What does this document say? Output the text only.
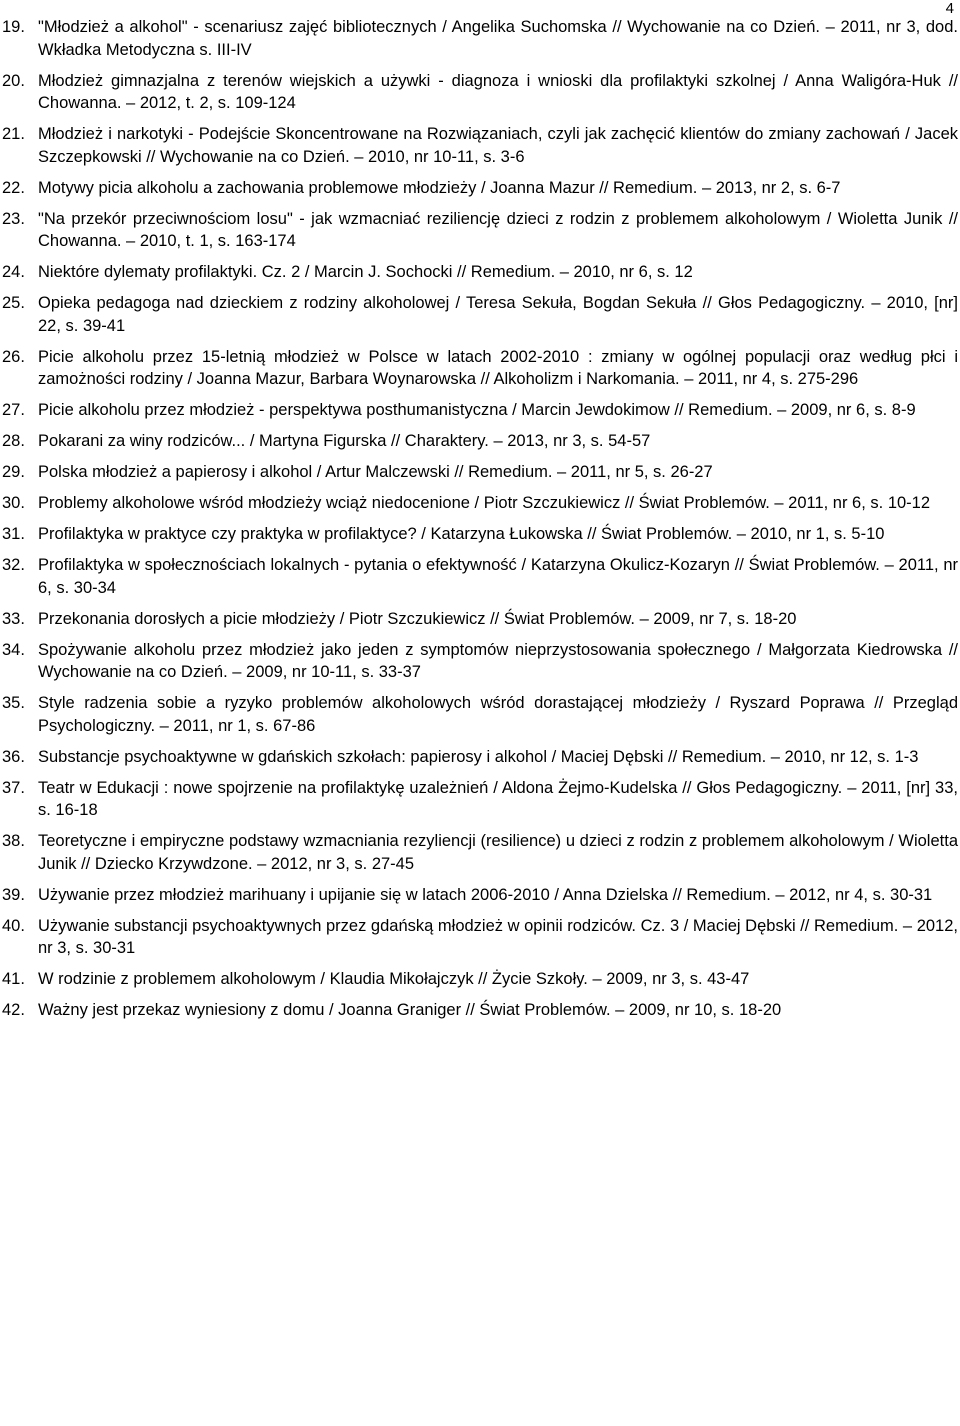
4
19. "Młodzież a alkohol" - scenariusz zajęć bibliotecznych / Angelika Suchomska // Wychowanie na co Dzień. – 2011, nr 3, dod. Wkładka Metodyczna s. III-IV
20. Młodzież gimnazjalna z terenów wiejskich a używki - diagnoza i wnioski dla profilaktyki szkolnej / Anna Waligóra-Huk // Chowanna. – 2012, t. 2, s. 109-124
21. Młodzież i narkotyki - Podejście Skoncentrowane na Rozwiązaniach, czyli jak zachęcić klientów do zmiany zachowań / Jacek Szczepkowski // Wychowanie na co Dzień. – 2010, nr 10-11, s. 3-6
22. Motywy picia alkoholu a zachowania problemowe młodzieży / Joanna Mazur // Remedium. – 2013, nr 2, s. 6-7
23. "Na przekór przeciwnościom losu" - jak wzmacniać reziliencję dzieci z rodzin z problemem alkoholowym / Wioletta Junik // Chowanna. – 2010, t. 1, s. 163-174
24. Niektóre dylematy profilaktyki. Cz. 2 / Marcin J. Sochocki // Remedium. – 2010, nr 6, s. 12
25. Opieka pedagoga nad dzieckiem z rodziny alkoholowej / Teresa Sekuła, Bogdan Sekuła // Głos Pedagogiczny. – 2010, [nr] 22, s. 39-41
26. Picie alkoholu przez 15-letnią młodzież w Polsce w latach 2002-2010 : zmiany w ogólnej populacji oraz według płci i zamożności rodziny / Joanna Mazur, Barbara Woynarowska // Alkoholizm i Narkomania. – 2011, nr 4, s. 275-296
27. Picie alkoholu przez młodzież - perspektywa posthumanistyczna / Marcin Jewdokimow // Remedium. – 2009, nr 6, s. 8-9
28. Pokarani za winy rodziców... / Martyna Figurska // Charaktery. – 2013, nr 3, s. 54-57
29. Polska młodzież a papierosy i alkohol / Artur Malczewski // Remedium. – 2011, nr 5, s. 26-27
30. Problemy alkoholowe wśród młodzieży wciąż niedocenione / Piotr Szczukiewicz // Świat Problemów. – 2011, nr 6, s. 10-12
31. Profilaktyka w praktyce czy praktyka w profilaktyce? / Katarzyna Łukowska // Świat Problemów. – 2010, nr 1, s. 5-10
32. Profilaktyka w społecznościach lokalnych - pytania o efektywność / Katarzyna Okulicz-Kozaryn // Świat Problemów. – 2011, nr 6, s. 30-34
33. Przekonania dorosłych a picie młodzieży / Piotr Szczukiewicz // Świat Problemów. – 2009, nr 7, s. 18-20
34. Spożywanie alkoholu przez młodzież jako jeden z symptomów nieprzystosowania społecznego / Małgorzata Kiedrowska // Wychowanie na co Dzień. – 2009, nr 10-11, s. 33-37
35. Style radzenia sobie a ryzyko problemów alkoholowych wśród dorastającej młodzieży / Ryszard Poprawa // Przegląd Psychologiczny. – 2011, nr 1, s. 67-86
36. Substancje psychoaktywne w gdańskich szkołach: papierosy i alkohol / Maciej Dębski // Remedium. – 2010, nr 12, s. 1-3
37. Teatr w Edukacji : nowe spojrzenie na profilaktykę uzależnień / Aldona Żejmo-Kudelska // Głos Pedagogiczny. – 2011, [nr] 33, s. 16-18
38. Teoretyczne i empiryczne podstawy wzmacniania rezyliencji (resilience) u dzieci z rodzin z problemem alkoholowym / Wioletta Junik // Dziecko Krzywdzone. – 2012, nr 3, s. 27-45
39. Używanie przez młodzież marihuany i upijanie się w latach 2006-2010 / Anna Dzielska // Remedium. – 2012, nr 4, s. 30-31
40. Używanie substancji psychoaktywnych przez gdańską młodzież w opinii rodziców. Cz. 3 / Maciej Dębski // Remedium. – 2012, nr 3, s. 30-31
41. W rodzinie z problemem alkoholowym / Klaudia Mikołajczyk // Życie Szkoły. – 2009, nr 3, s. 43-47
42. Ważny jest przekaz wyniesiony z domu / Joanna Graniger // Świat Problemów. – 2009, nr 10, s. 18-20
